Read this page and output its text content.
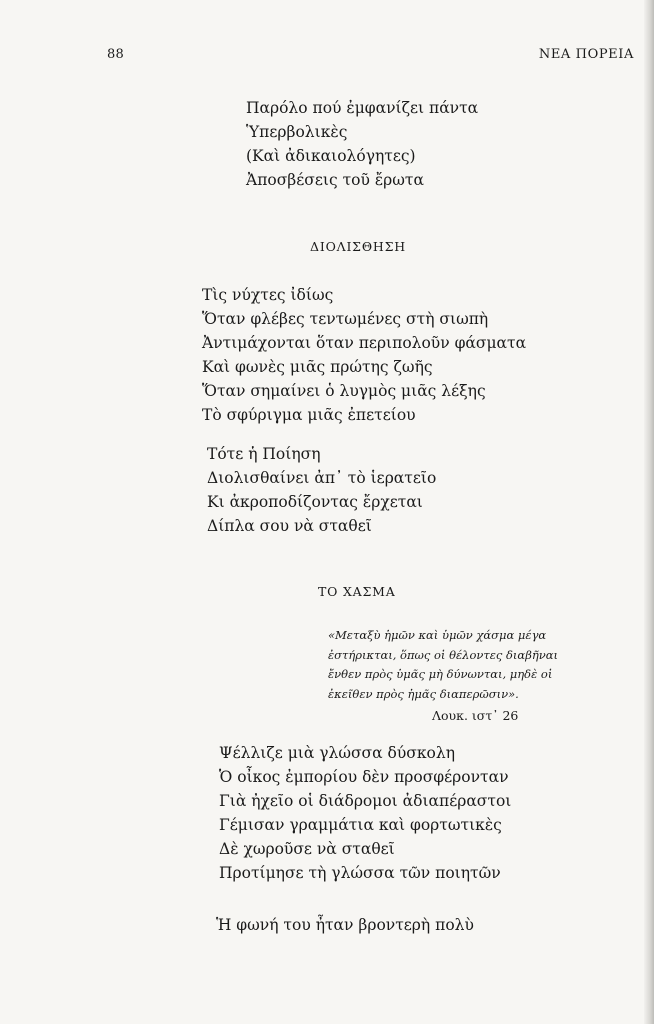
88	ΝΕΑ ΠΟΡΕΙΑ
Παρόλο πού ἐμφανίζει πάντα
Ὑπερβολικὲς
(Καὶ ἀδικαιολόγητες)
Ἀποσβέσεις τοῦ ἔρωτα
ΔΙΟΛΙΣΘΗΣΗ
Τὶς νύχτες ἰδίως
Ὅταν φλέβες τεντωμένες στὴ σιωπὴ
Ἀντιμάχονται ὅταν περιπολοῦν φάσματα
Καὶ φωνὲς μιᾶς πρώτης ζωῆς
Ὅταν σημαίνει ὁ λυγμὸς μιᾶς λέξης
Τὸ σφύριγμα μιᾶς ἐπετείου
Τότε ἡ Ποίηση
Διολισθαίνει ἀπ᾽ τὸ ἱερατεῖο
Κι ἀκροποδίζοντας ἔρχεται
Δίπλα σου νὰ σταθεῖ
ΤΟ ΧΑΣΜΑ
«Μεταξὺ ἡμῶν καὶ ὑμῶν χάσμα μέγα
ἐστήρικται, ὅπως οἱ θέλοντες διαβῆναι
ἔνθεν πρὸς ὑμᾶς μὴ δύνωνται, μηδὲ οἱ
ἐκεῖθεν πρὸς ἡμᾶς διαπερῶσιν».
Λουκ. ιστ᾽ 26
Ψέλλιζε μιὰ γλώσσα δύσκολη
Ὁ οἶκος ἐμπορίου δὲν προσφέρονταν
Γιὰ ἠχεῖο οἱ διάδρομοι ἀδιαπέραστοι
Γέμισαν γραμμάτια καὶ φορτωτικὲς
Δὲ χωροῦσε νὰ σταθεῖ
Προτίμησε τὴ γλώσσα τῶν ποιητῶν
Ἡ φωνή του ἦταν βροντερὴ πολὺ
